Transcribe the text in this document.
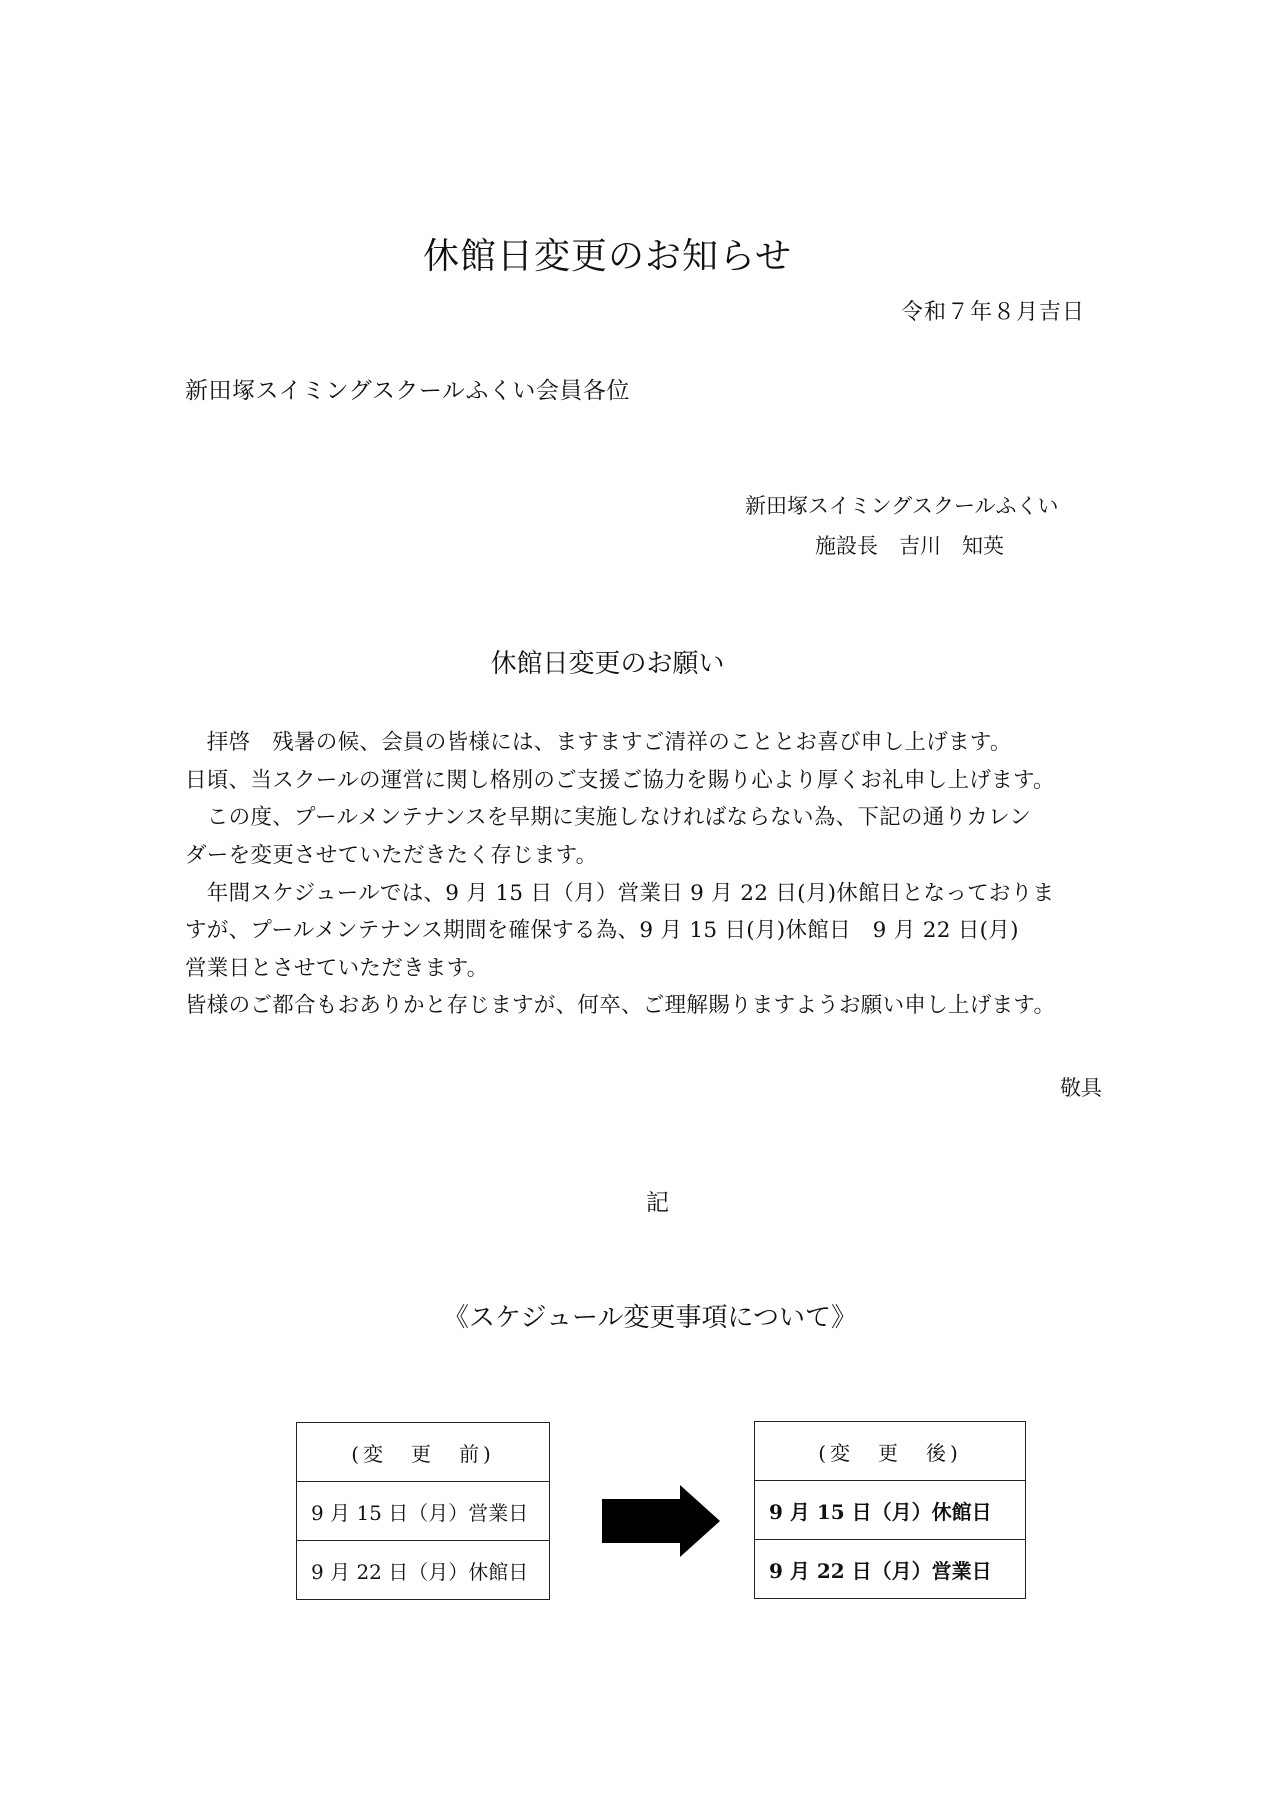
休館日変更のお知らせ
令和７年８月吉日
新田塚スイミングスクールふくい会員各位
新田塚スイミングスクールふくい
施設長　吉川　知英
休館日変更のお願い
　拝啓　残暑の候、会員の皆様には、ますますご清祥のこととお喜び申し上げます。
日頃、当スクールの運営に関し格別のご支援ご協力を賜り心より厚くお礼申し上げます。
　この度、プールメンテナンスを早期に実施しなければならない為、下記の通りカレン
ダーを変更させていただきたく存じます。
　年間スケジュールでは、9 月 15 日（月）営業日 9 月 22 日(月)休館日となっておりま
すが、プールメンテナンス期間を確保する為、9 月 15 日(月)休館日　9 月 22 日(月)
営業日とさせていただきます。
皆様のご都合もおありかと存じますが、何卒、ご理解賜りますようお願い申し上げます。
敬具
記
《スケジュール変更事項について》
(変　更　前)
9 月 15 日（月）営業日
9 月 22 日（月）休館日
(変　更　後)
9 月 15 日（月）休館日
9 月 22 日（月）営業日
